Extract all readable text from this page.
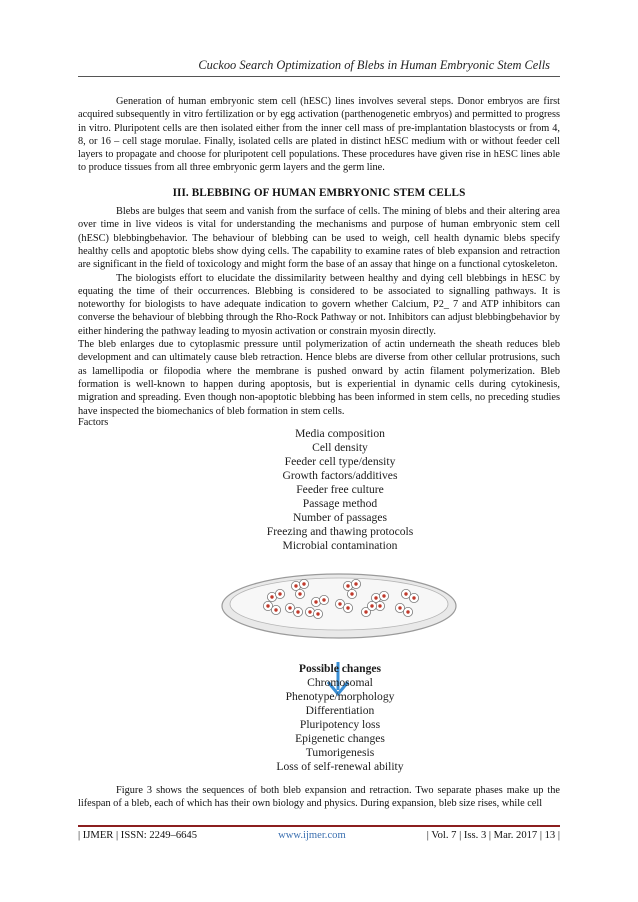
Cuckoo Search Optimization of Blebs in Human Embryonic Stem Cells

Generation of human embryonic stem cell (hESC) lines involves several steps. Donor embryos are first acquired subsequently in vitro fertilization or by egg activation (parthenogenetic embryos) and permitted to progress in vitro. Pluripotent cells are then isolated either from the inner cell mass of pre-implantation blastocysts or from 4, 8, or 16 – cell stage morulae. Finally, isolated cells are plated in distinct hESC medium with or without feeder cell layers to propagate and choose for pluripotent cell populations. These procedures have given rise in hESC lines able to produce tissues from all three embryonic germ layers and the germ line.

III. BLEBBING OF HUMAN EMBRYONIC STEM CELLS

Blebs are bulges that seem and vanish from the surface of cells. The mining of blebs and their altering area over time in live videos is vital for understanding the mechanisms and purpose of human embryonic stem cell (hESC) blebbingbehavior. The behaviour of blebbing can be used to weigh, cell health dynamic blebs specify healthy cells and apoptotic blebs show dying cells. The capability to examine rates of bleb expansion and retraction are significant in the field of toxicology and might form the base of an assay that hinge on a functional cytoskeleton.

The biologists effort to elucidate the dissimilarity between healthy and dying cell blebbings in hESC by equating the time of their occurrences. Blebbing is considered to be associated to signalling pathways. It is noteworthy for biologists to have adequate indication to govern whether Calcium, P2_ 7 and ATP inhibitors can converse the behaviour of blebbing through the Rho-Rock Pathway or not. Inhibitors can adjust blebbingbehavior by either hindering the pathway leading to myosin activation or constrain myosin directly.

The bleb enlarges due to cytoplasmic pressure until polymerization of actin underneath the sheath reduces bleb development and can ultimately cause bleb retraction. Hence blebs are diverse from other cellular protrusions, such as lamellipodia or filopodia where the membrane is pushed onward by actin filament polymerization. Bleb formation is well-known to happen during apoptosis, but is experiential in dynamic cells during cytokinesis, migration and spreading. Even though non-apoptotic blebbing has been informed in stem cells, no preceding studies have inspected the biomechanics of bleb formation in stem cells.

Factors
Media composition
Cell density
Feeder cell type/density
Growth factors/additives
Feeder free culture
Passage method
Number of passages
Freezing and thawing protocols
Microbial contamination
Possible changes
Chromosomal
Phenotype/morphology
Differentiation
Pluripotency loss
Epigenetic changes
Tumorigenesis
Loss of self-renewal ability

Figure 3 shows the sequences of both bleb expansion and retraction. Two separate phases make up the lifespan of a bleb, each of which has their own biology and physics. During expansion, bleb size rises, while cell

| IJMER | ISSN: 2249–6645	www.ijmer.com	| Vol. 7 | Iss. 3 | Mar. 2017 | 13 |
